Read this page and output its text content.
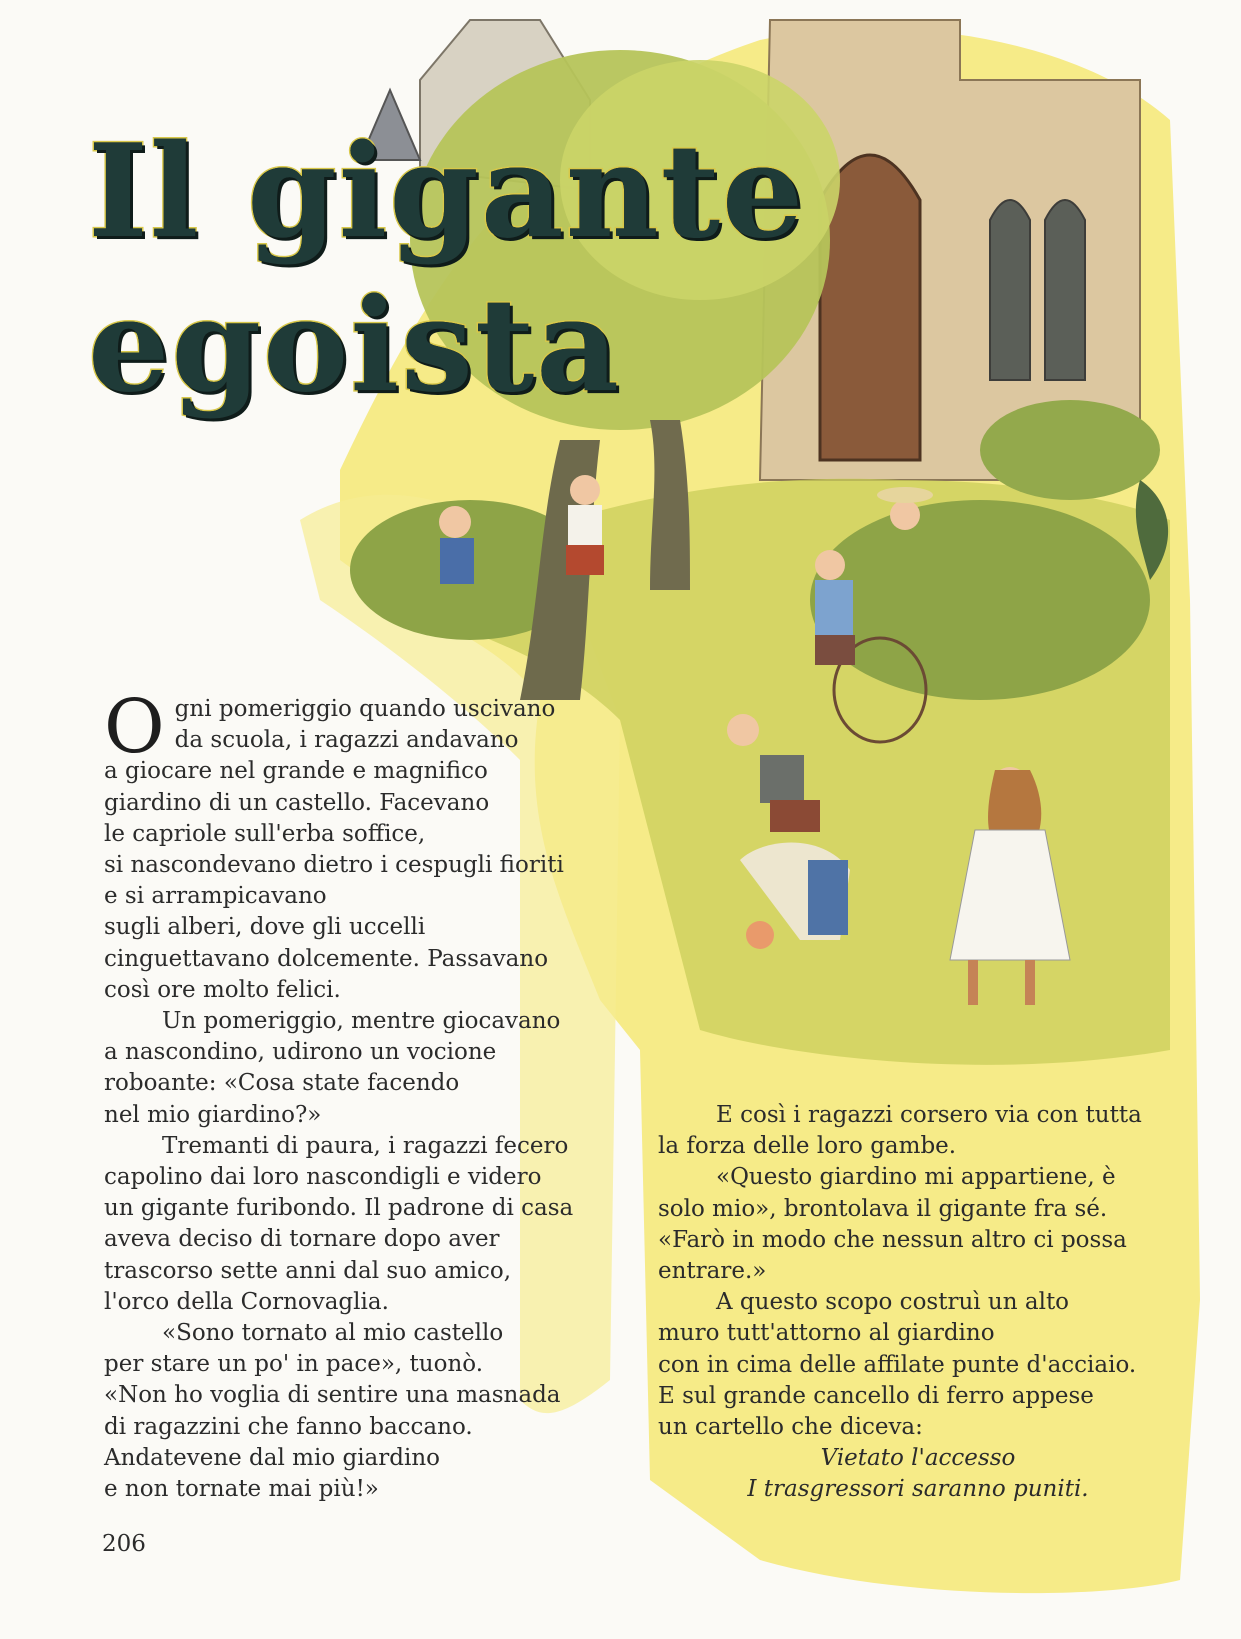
Il gigante
egoista

O gni pomeriggio quando uscivano
da scuola, i ragazzi andavano
a giocare nel grande e magnifico
giardino di un castello. Facevano
le capriole sull'erba soffice,
si nascondevano dietro i cespugli fioriti
e si arrampicavano
sugli alberi, dove gli uccelli
cinguettavano dolcemente. Passavano
così ore molto felici.

Un pomeriggio, mentre giocavano
a nascondino, udirono un vocione
roboante: «Cosa state facendo
nel mio giardino?»

Tremanti di paura, i ragazzi fecero
capolino dai loro nascondigli e videro
un gigante furibondo. Il padrone di casa
aveva deciso di tornare dopo aver
trascorso sette anni dal suo amico,
l'orco della Cornovaglia.

«Sono tornato al mio castello
per stare un po' in pace», tuonò.
«Non ho voglia di sentire una masnada
di ragazzini che fanno baccano.
Andatevene dal mio giardino
e non tornate mai più!»

E così i ragazzi corsero via con tutta
la forza delle loro gambe.

«Questo giardino mi appartiene, è
solo mio», brontolava il gigante fra sé.
«Farò in modo che nessun altro ci possa
entrare.»

A questo scopo costruì un alto
muro tutt'attorno al giardino
con in cima delle affilate punte d'acciaio.
E sul grande cancello di ferro appese
un cartello che diceva:

Vietato l'accesso
I trasgressori saranno puniti.

206
